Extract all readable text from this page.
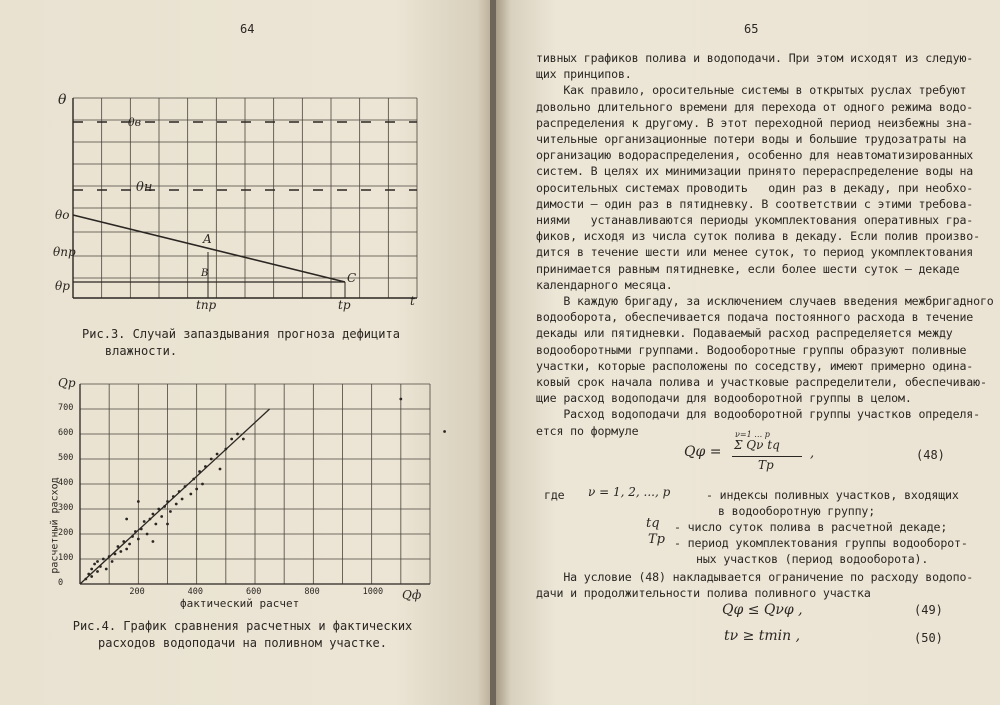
64
θ
θв
θн
θо
θпр
θр
A
B	C
tпр	tр	t
Рис.3. Случай запаздывания прогноза дефицита
влажности.
Qр
Qф
расчетный расход
фактический расчет
700
600
500
400
300
200
100
0
200	400	600	800	1000
Рис.4. График сравнения расчетных и фактических
расходов водоподачи на поливном участке.
65
тивных графиков полива и водоподачи. При этом исходят из следую-
щих принципов.
Как правило, оросительные системы в открытых руслах требуют
довольно длительного времени для перехода от одного режима водо-
распределения к другому. В этот переходной период неизбежны зна-
чительные организационные потери воды и большие трудозатраты на
организацию водораспределения, особенно для неавтоматизированных
систем. В целях их минимизации принято перераспределение воды на
оросительных системах проводить   один раз в декаду, при необхо-
димости – один раз в пятидневку. В соответствии с этими требова-
ниями   устанавливаются периоды укомплектования оперативных гра-
фиков, исходя из числа суток полива в декаду. Если полив произво-
дится в течение шести или менее суток, то период укомплектования
принимается равным пятидневке, если более шести суток – декаде
календарного месяца.
В каждую бригаду, за исключением случаев введения межбригадного
водооборота, обеспечивается подача постоянного расхода в течение
декады или пятидневки. Подаваемый расход распределяется между
водооборотными группами. Водооборотные группы образуют поливные
участки, которые расположены по соседству, имеют примерно одина-
ковый срок начала полива и участковые распределители, обеспечиваю-
щие расход водоподачи для водооборотной группы в целом.
Расход водоподачи для водооборотной группы участков определя-
ется по формуле
Qφ =
ν=1 … p
Σ Qν tq
Tр
,	(48)
где ν = 1, 2, ..., p	- индексы поливных участков, входящих
в водооборотную группу;
tq - число суток полива в расчетной декаде;
Tр - период укомплектования группы водооборот-
ных участков (период водооборота).
На условие (48) накладывается ограничение по расходу водопо-
дачи и продолжительности полива поливного участка
Qφ ≤ Qνφ ,	(49)
tν ≥ tmin ,	(50)
